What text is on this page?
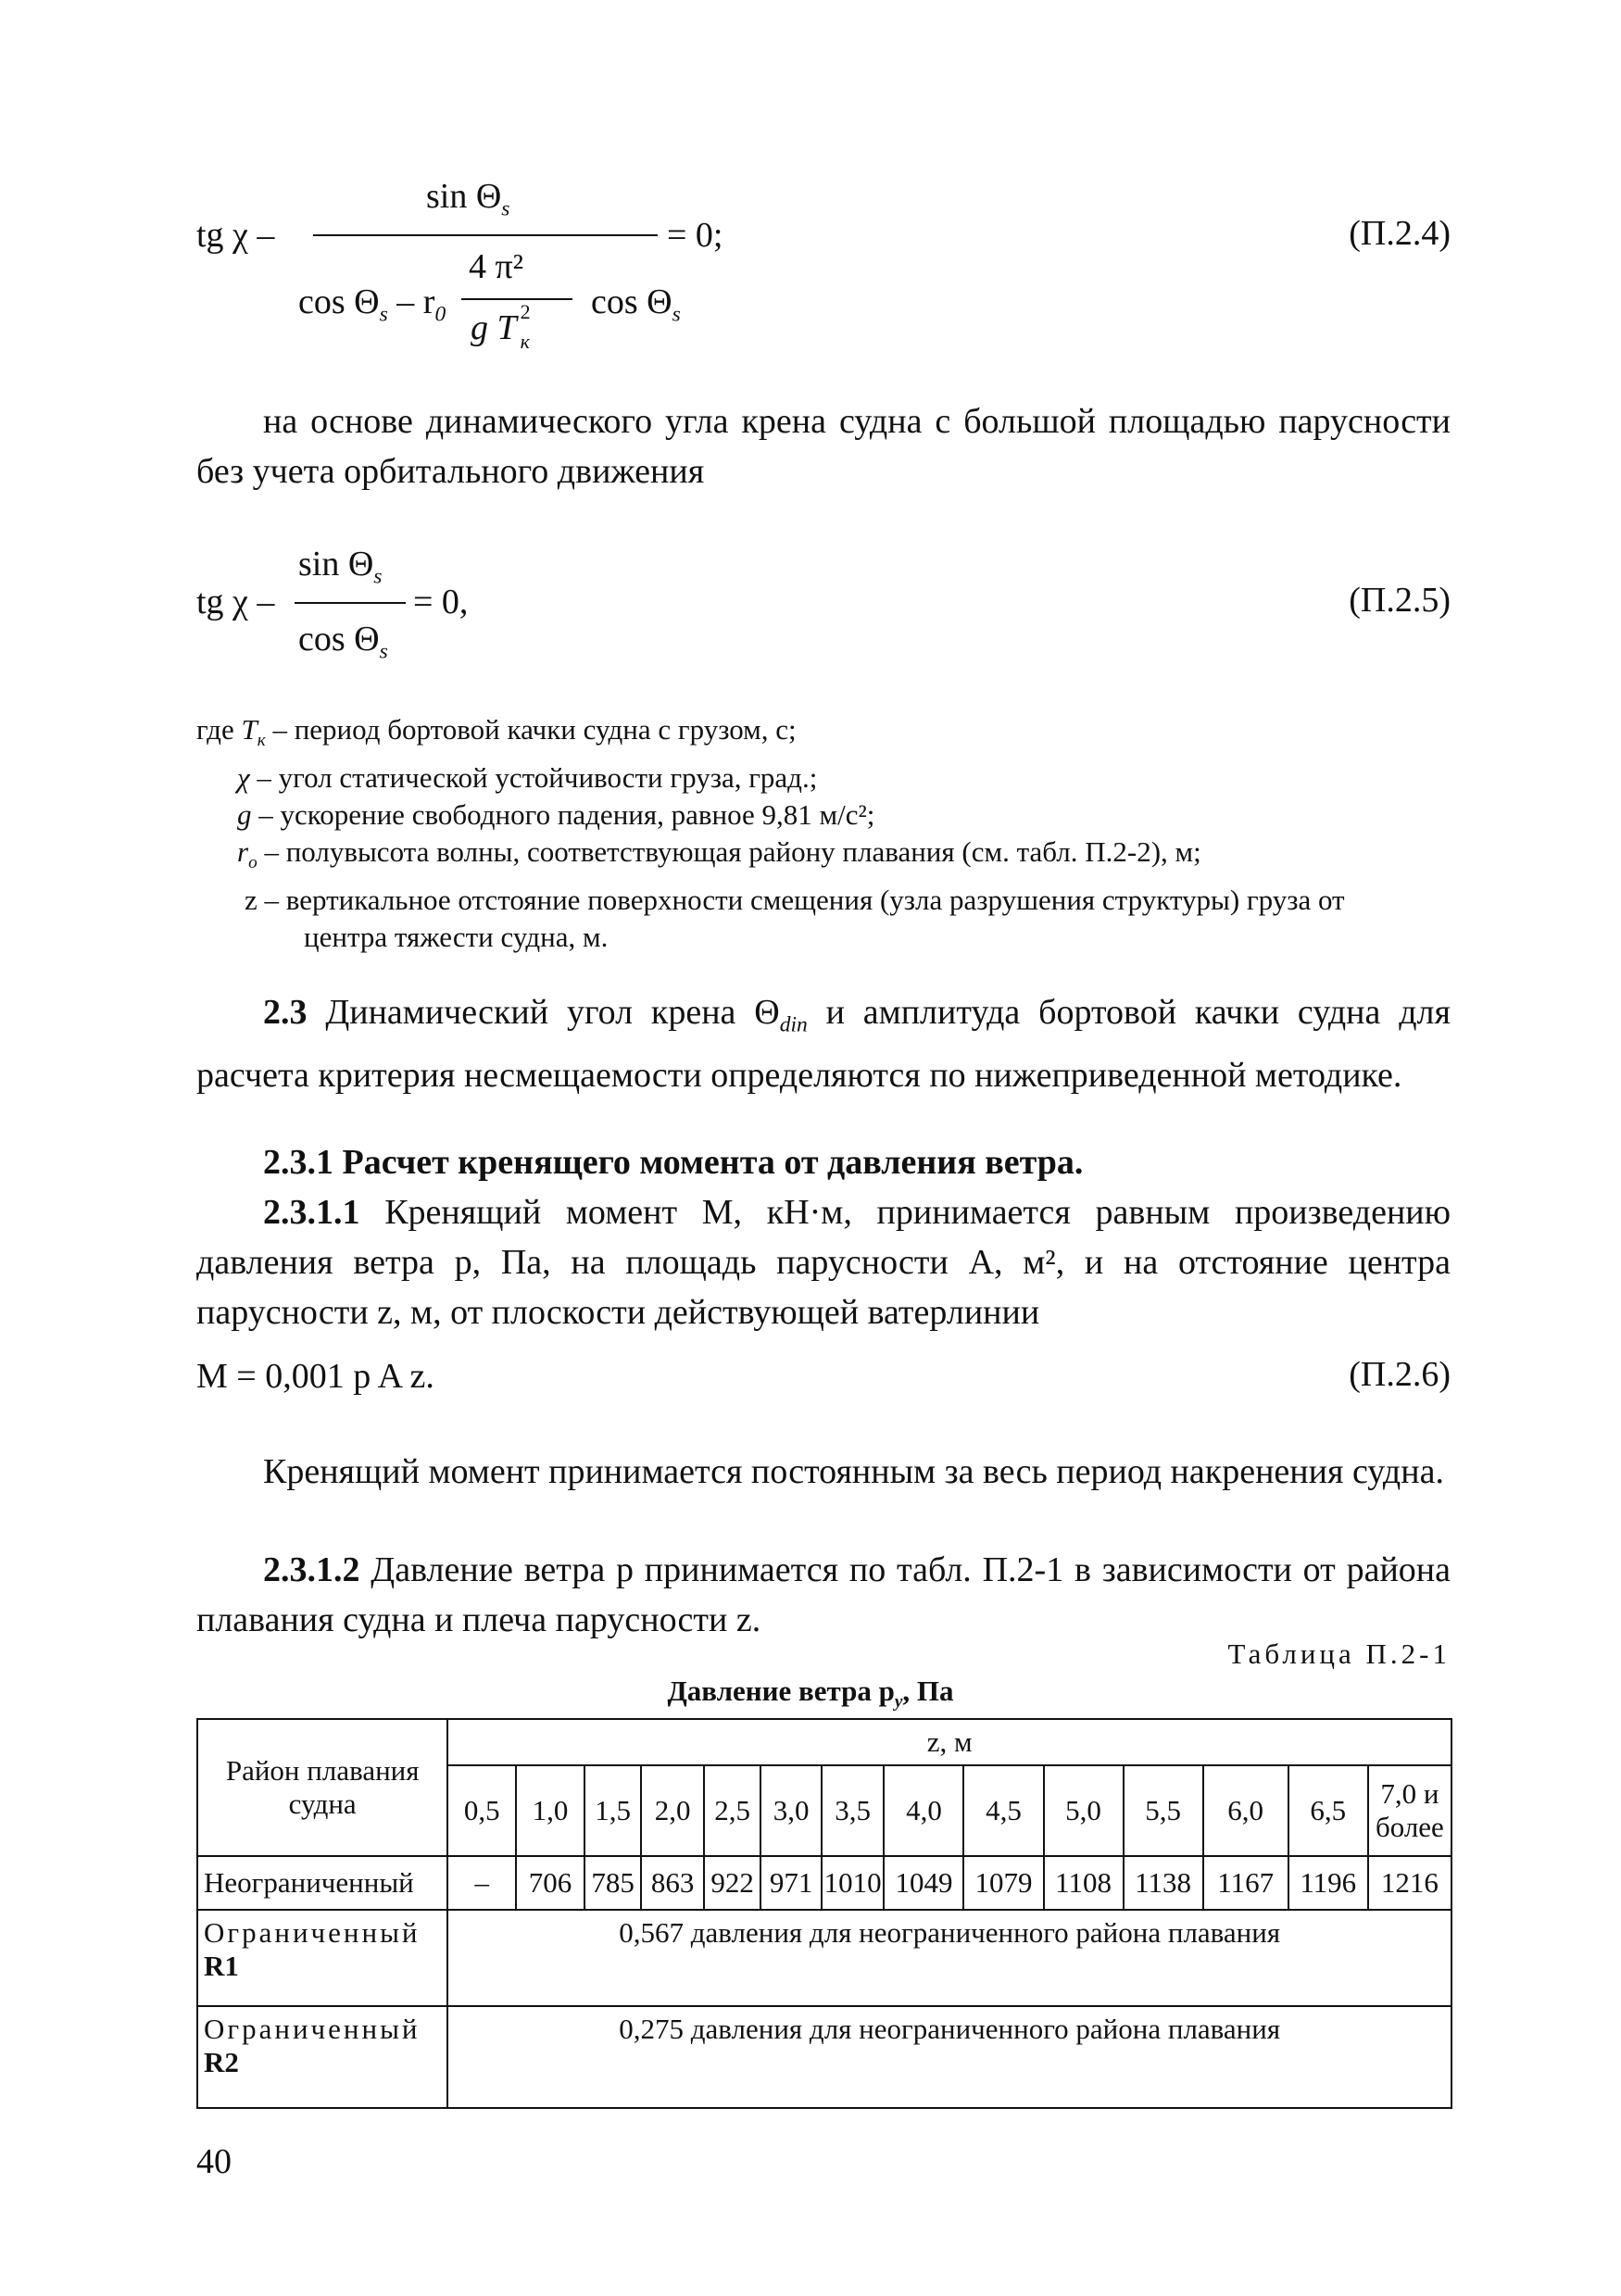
tg χ –
$\sin \Theta_s$
= 0;
$\cos \Theta_s - r_0$
4 π²
g T 2
к
$\cos \Theta_s$
(П.2.4)
на основе динамического угла крена судна с большой площадью парусности без учета орбитального движения
tg χ –
$\sin \Theta_s$
$\cos \Theta_s$
= 0,	(П.2.5)
где $T_к$ – период бортовой качки судна с грузом, с;
χ – угол статической устойчивости груза, град.;
g – ускорение свободного падения, равное 9,81 м/с²;
$r_o$ – полувысота волны, соответствующая району плавания (см. табл. П.2-2), м;
z – вертикальное отстояние поверхности смещения (узла разрушения структуры) груза от
центра тяжести судна, м.
2.3 Динамический угол крена $\Theta_{din}$ и амплитуда бортовой качки судна для расчета критерия несмещаемости определяются по нижеприведенной методике.
2.3.1 Расчет кренящего момента от давления ветра.
2.3.1.1 Кренящий момент M, кН·м, принимается равным произведению давления ветра p, Па, на площадь парусности A, м², и на отстояние центра парусности z, м, от плоскости действующей ватерлинии
M = 0,001 p A z.	(П.2.6)
Кренящий момент принимается постоянным за весь период накренения судна.
2.3.1.2 Давление ветра p принимается по табл. П.2-1 в зависимости от района плавания судна и плеча парусности z.
Таблица П.2-1
Давление ветра $p_y$, Па
Район плавания судна	z, м													
	0,5	1,0	1,5	2,0	2,5	3,0	3,5	4,0	4,5	5,0	5,5	6,0	6,5	7,0 и более
Неограниченный	–	706	785	863	922	971	1010	1049	1079	1108	1138	1167	1196	1216
Ограниченный
R1	0,567 давления для неограниченного района плавания													
Ограниченный
R2	0,275 давления для неограниченного района плавания													
40
